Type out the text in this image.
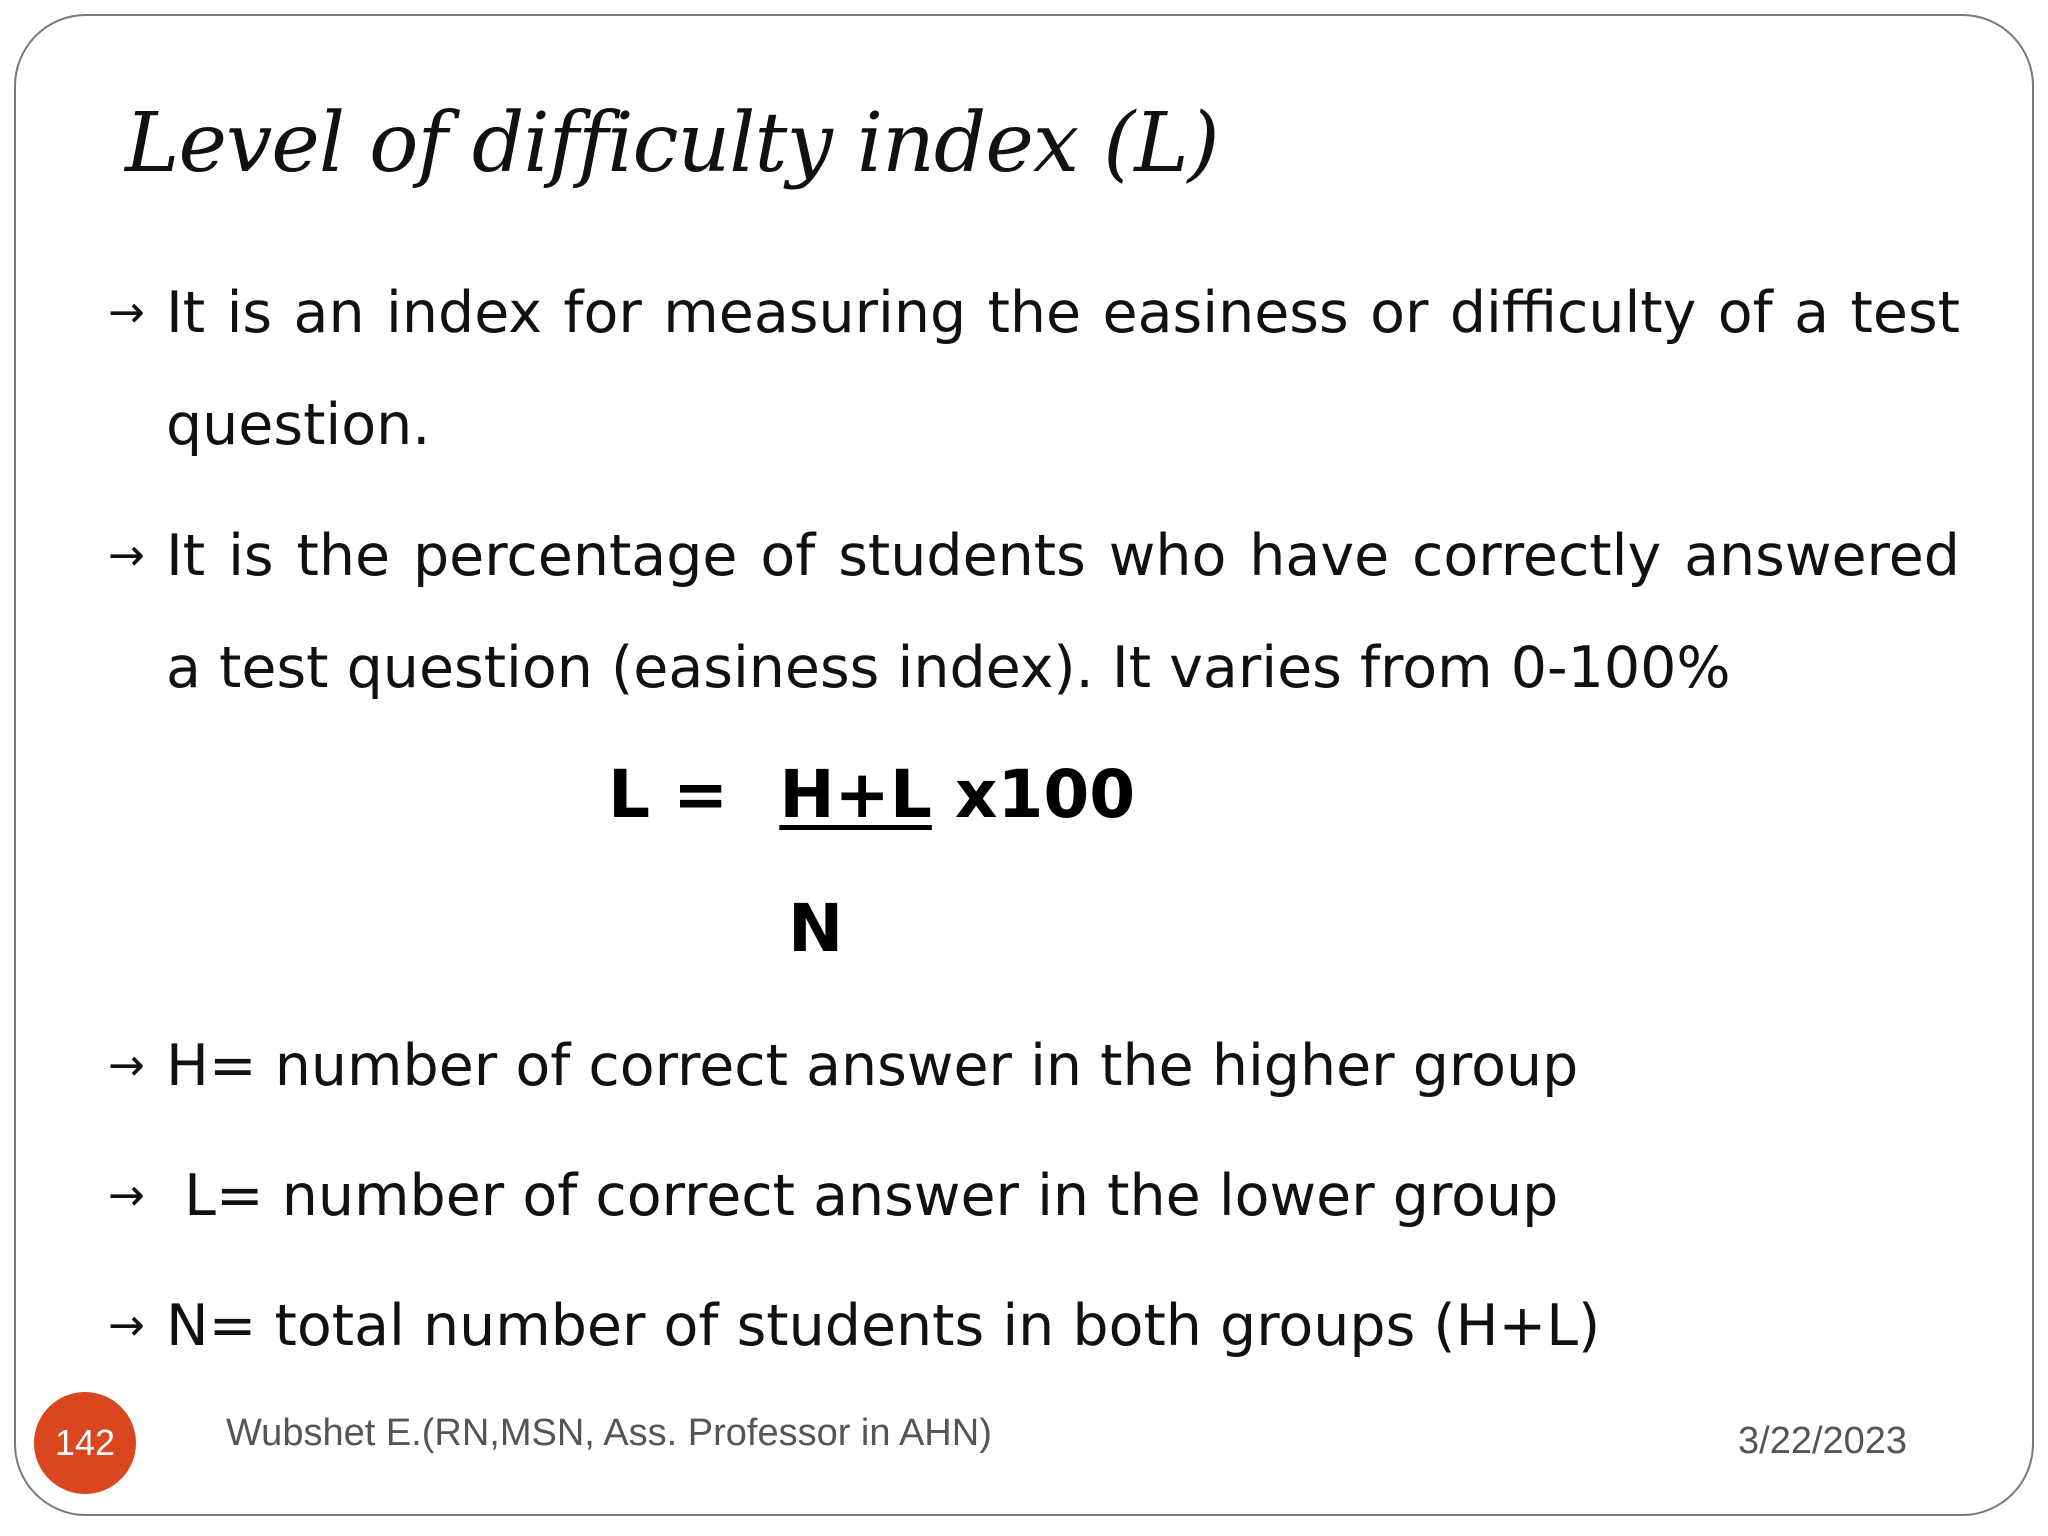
Level of difficulty index (L)
→ It is an index for measuring the easiness or difficulty of a test question.
→ It is the percentage of students who have correctly answered a test question (easiness index). It varies from 0-100%
L = H+L x100
N
→ H= number of correct answer in the higher group
→ L= number of correct answer in the lower group
→ N= total number of students in both groups (H+L)
142	Wubshet E.(RN,MSN, Ass. Professor in AHN)	3/22/2023
